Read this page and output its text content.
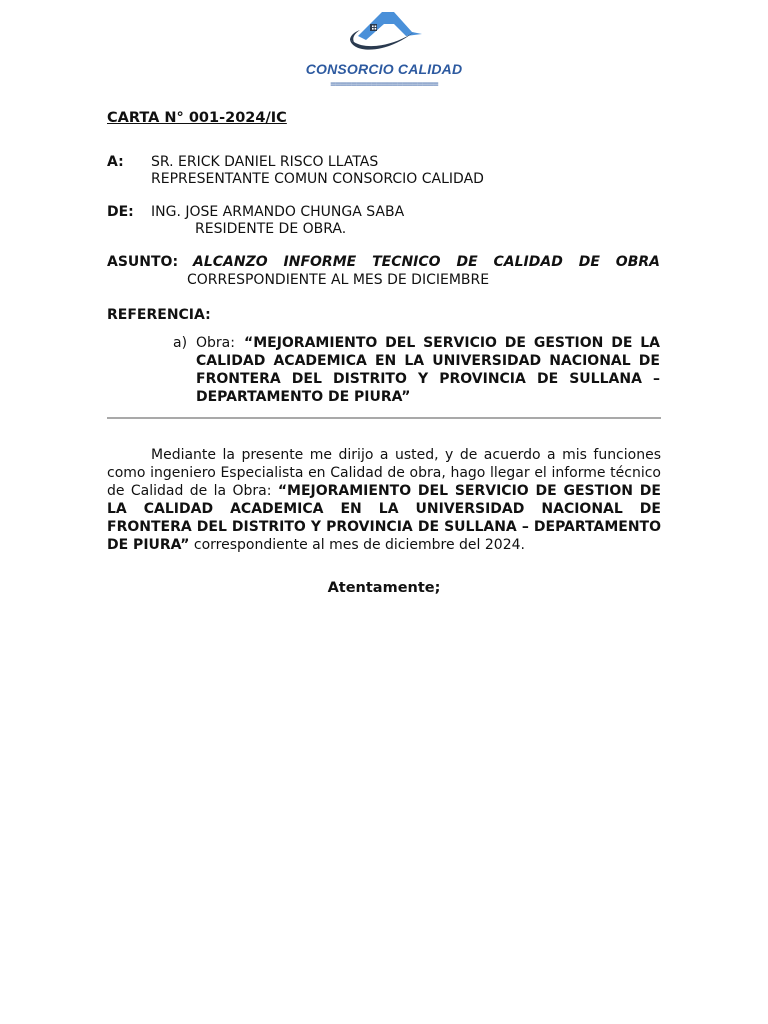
CONSORCIO CALIDAD
=====================
CARTA N° 001-2024/IC
A: SR. ERICK DANIEL RISCO LLATAS
REPRESENTANTE COMUN CONSORCIO CALIDAD
DE: ING. JOSE ARMANDO CHUNGA SABA
RESIDENTE DE OBRA.
ASUNTO: ALCANZO INFORME TECNICO DE CALIDAD DE OBRA
CORRESPONDIENTE AL MES DE DICIEMBRE
REFERENCIA:
a) Obra: “MEJORAMIENTO DEL SERVICIO DE GESTION DE LA
CALIDAD ACADEMICA EN LA UNIVERSIDAD NACIONAL DE
FRONTERA DEL DISTRITO Y PROVINCIA DE SULLANA –
DEPARTAMENTO DE PIURA”
Mediante la presente me dirijo a usted, y de acuerdo a mis funciones como ingeniero Especialista en Calidad de obra, hago llegar el informe técnico de Calidad de la Obra: “MEJORAMIENTO DEL SERVICIO DE GESTION DE LA CALIDAD ACADEMICA EN LA UNIVERSIDAD NACIONAL DE FRONTERA DEL DISTRITO Y PROVINCIA DE SULLANA – DEPARTAMENTO DE PIURA” correspondiente al mes de diciembre del 2024.
Atentamente;
